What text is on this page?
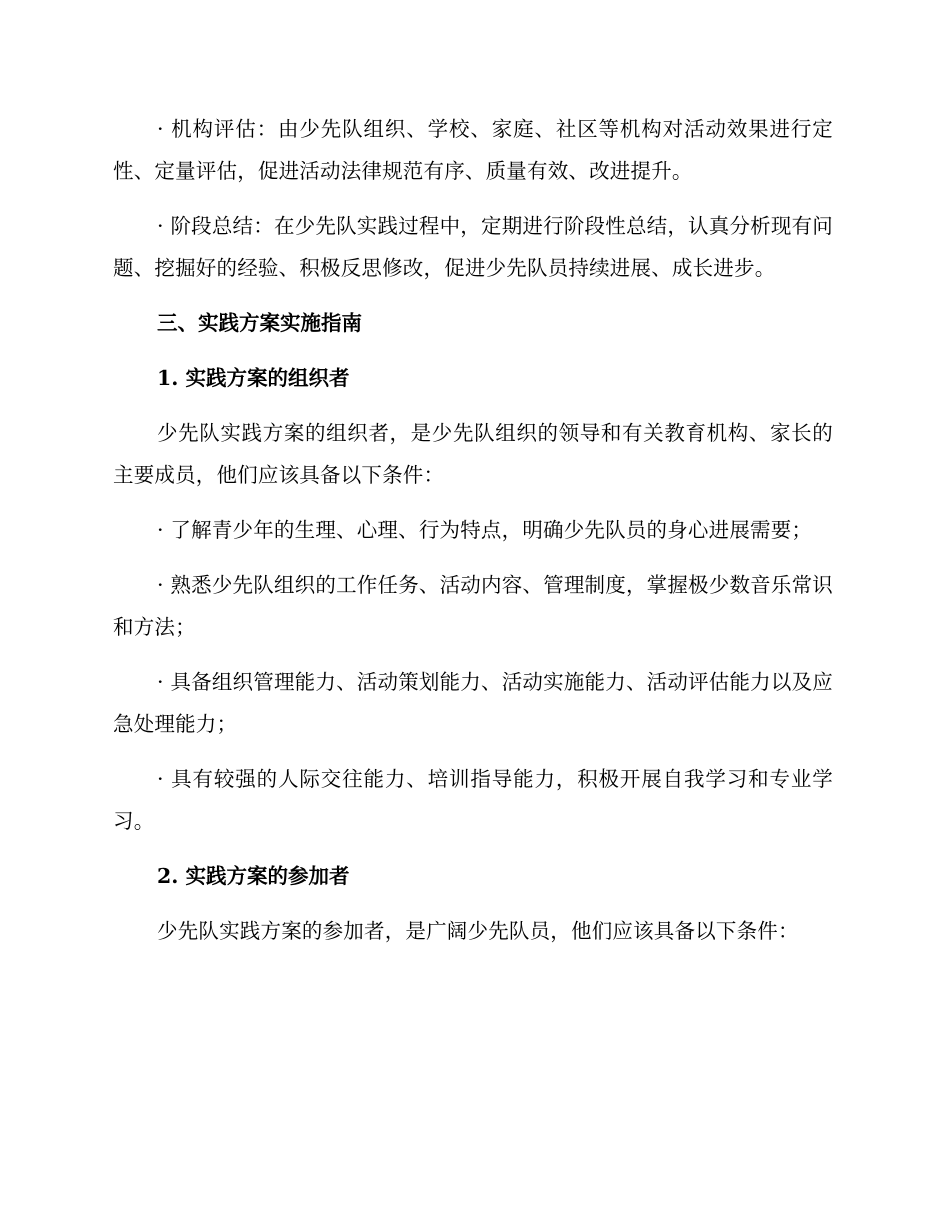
· 机构评估：由少先队组织、学校、家庭、社区等机构对活动效果进行定性、定量评估，促进活动法律规范有序、质量有效、改进提升。

· 阶段总结：在少先队实践过程中，定期进行阶段性总结，认真分析现有问题、挖掘好的经验、积极反思修改，促进少先队员持续进展、成长进步。

三、实践方案实施指南

1. 实践方案的组织者

少先队实践方案的组织者，是少先队组织的领导和有关教育机构、家长的主要成员，他们应该具备以下条件：

· 了解青少年的生理、心理、行为特点，明确少先队员的身心进展需要；

· 熟悉少先队组织的工作任务、活动内容、管理制度，掌握极少数音乐常识和方法；

· 具备组织管理能力、活动策划能力、活动实施能力、活动评估能力以及应急处理能力；

· 具有较强的人际交往能力、培训指导能力，积极开展自我学习和专业学习。

2. 实践方案的参加者

少先队实践方案的参加者，是广阔少先队员，他们应该具备以下条件：
